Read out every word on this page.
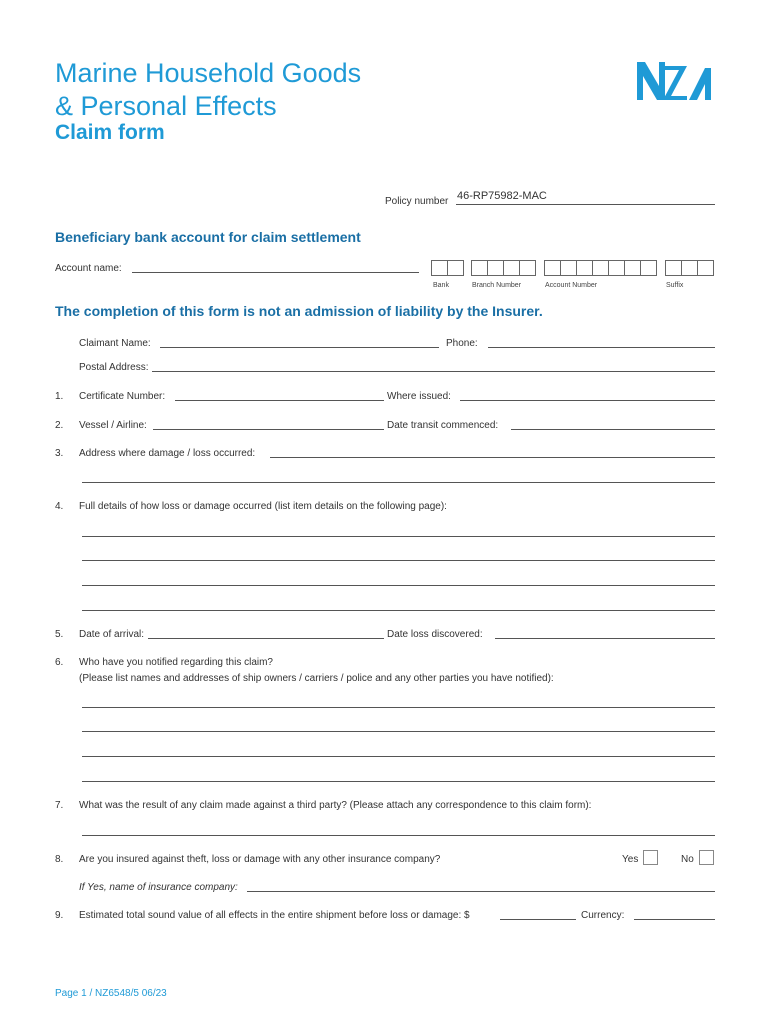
Marine Household Goods
& Personal Effects
Claim form
Policy number 46-RP75982-MAC
Beneficiary bank account for claim settlement
Account name:
Bank	Branch Number	Account Number	Suffix
The completion of this form is not an admission of liability by the Insurer.
Claimant Name:	Phone:
Postal Address:
1. Certificate Number:	Where issued:
2. Vessel / Airline:	Date transit commenced:
3. Address where damage / loss occurred:
4. Full details of how loss or damage occurred (list item details on the following page):
5. Date of arrival:	Date loss discovered:
6. Who have you notified regarding this claim?
(Please list names and addresses of ship owners / carriers / police and any other parties you have notified):
7. What was the result of any claim made against a third party? (Please attach any correspondence to this claim form):
8. Are you insured against theft, loss or damage with any other insurance company?	Yes	No
If Yes, name of insurance company:
9. Estimated total sound value of all effects in the entire shipment before loss or damage: $	Currency:
Page 1 / NZ6548/5 06/23
